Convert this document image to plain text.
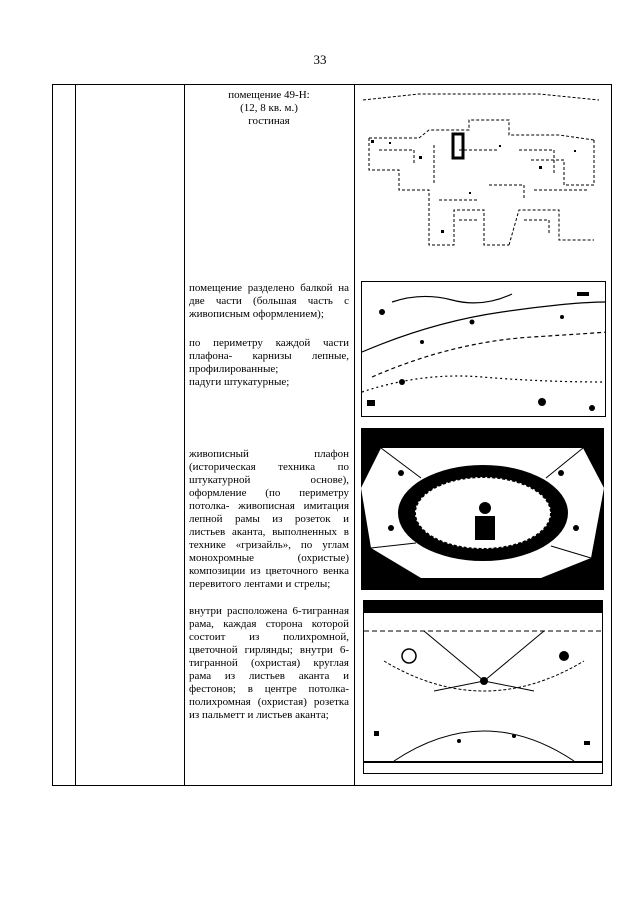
33

помещение 49-Н:

(12, 8 кв. м.)

гостиная

помещение разделено балкой на две части (большая часть с живописным оформлением);
по периметру каждой части плафона- карнизы лепные, профилированные;
падуги штукатурные;
живописный плафон (историческая техника по штукатурной основе), оформление (по периметру потолка- живописная имитация лепной рамы из розеток и листьев аканта, выполненных в технике «гризайль», по углам монохромные (охристые) композиции из цветочного венка перевитого лентами и стрелы;
внутри расположена 6-тигранная рама, каждая сторона которой состоит из полихромной, цветочной гирлянды; внутри 6-тигранной (охристая) круглая рама из листьев аканта и фестонов; в центре потолка- полихромная (охристая) розетка из пальметт и листьев аканта;
